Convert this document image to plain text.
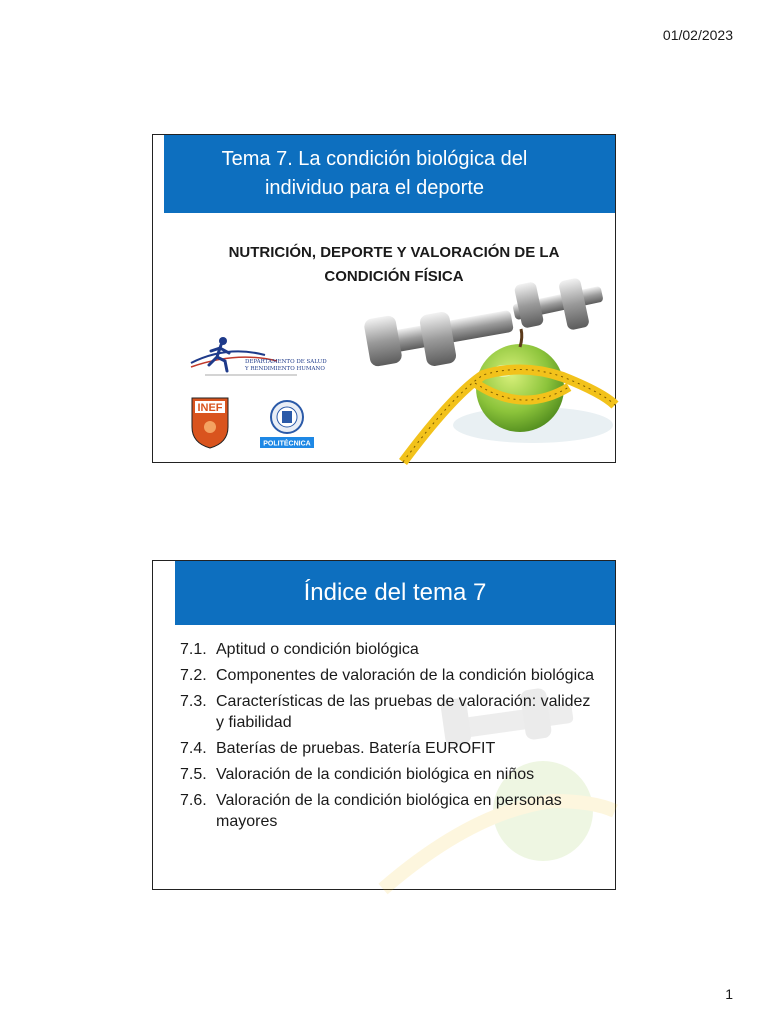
01/02/2023
Tema 7. La condición biológica del
individuo para el deporte
NUTRICIÓN, DEPORTE Y VALORACIÓN DE LA
CONDICIÓN FÍSICA
DEPARTAMENTO DE SALUD
Y RENDIMIENTO HUMANO
INEF
POLITÉCNICA
Índice del tema 7
7.1. Aptitud o condición biológica
7.2. Componentes de valoración de la condición biológica
7.3. Características de las pruebas de valoración: validez y fiabilidad
7.4. Baterías de pruebas. Batería EUROFIT
7.5. Valoración de la condición biológica en niños
7.6. Valoración de la condición biológica en personas mayores
1
